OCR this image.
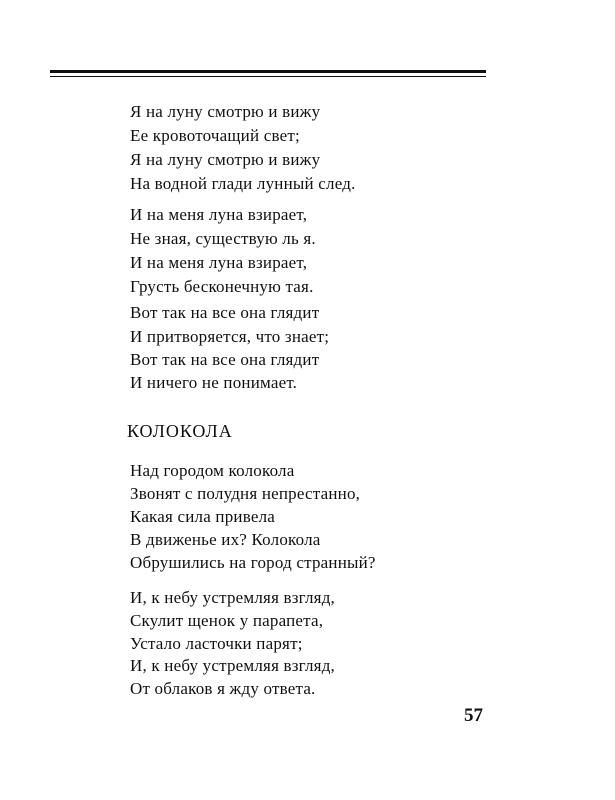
Я на луну смотрю и вижу
Ее кровоточащий свет;
Я на луну смотрю и вижу
На водной глади лунный след.
И на меня луна взирает,
Не зная, существую ль я.
И на меня луна взирает,
Грусть бесконечную тая.
Вот так на все она глядит
И притворяется, что знает;
Вот так на все она глядит
И ничего не понимает.
КОЛОКОЛА
Над городом колокола
Звонят с полудня непрестанно,
Какая сила привела
В движенье их? Колокола
Обрушились на город странный?
И, к небу устремляя взгляд,
Скулит щенок у парапета,
Устало ласточки парят;
И, к небу устремляя взгляд,
От облаков я жду ответа.
57
